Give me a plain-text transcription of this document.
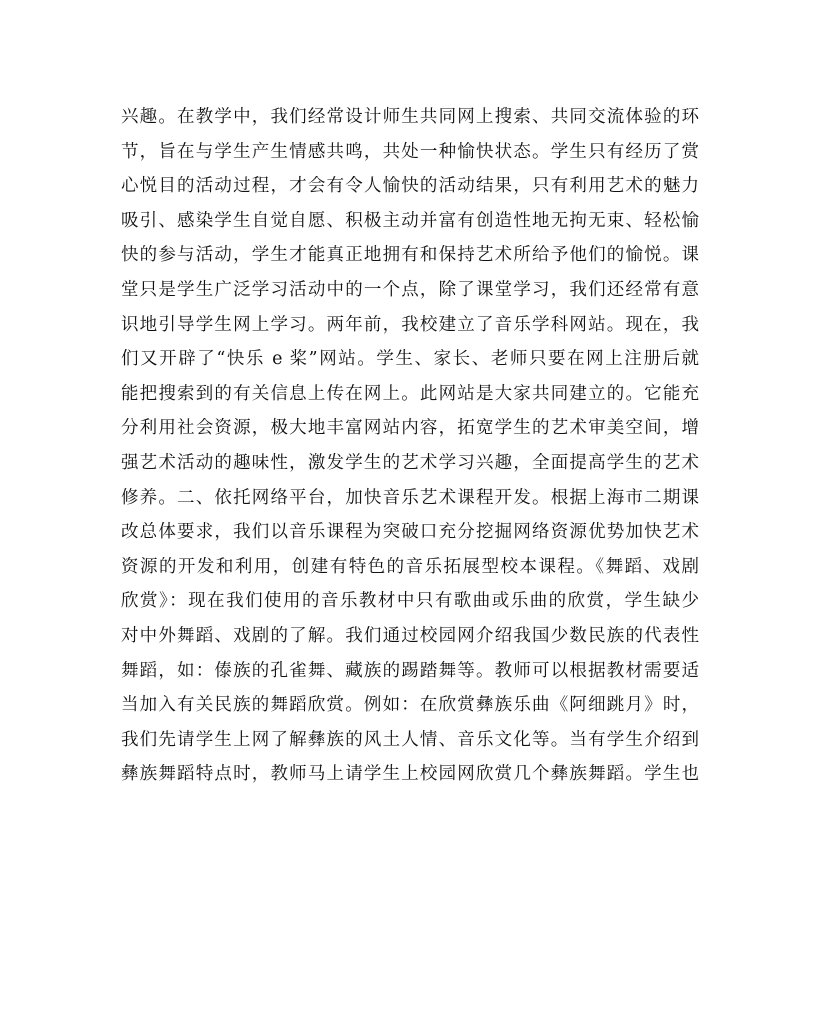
兴趣。在教学中，我们经常设计师生共同网上搜索、共同交流体验的环
节，旨在与学生产生情感共鸣，共处一种愉快状态。学生只有经历了赏
心悦目的活动过程，才会有令人愉快的活动结果，只有利用艺术的魅力
吸引、感染学生自觉自愿、积极主动并富有创造性地无拘无束、轻松愉
快的参与活动，学生才能真正地拥有和保持艺术所给予他们的愉悦。课
堂只是学生广泛学习活动中的一个点，除了课堂学习，我们还经常有意
识地引导学生网上学习。两年前，我校建立了音乐学科网站。现在，我
们又开辟了“快乐 e 桨”网站。学生、家长、老师只要在网上注册后就
能把搜索到的有关信息上传在网上。此网站是大家共同建立的。它能充
分利用社会资源，极大地丰富网站内容，拓宽学生的艺术审美空间，增
强艺术活动的趣味性，激发学生的艺术学习兴趣，全面提高学生的艺术
修养。二、依托网络平台，加快音乐艺术课程开发。根据上海市二期课
改总体要求，我们以音乐课程为突破口充分挖掘网络资源优势加快艺术
资源的开发和利用，创建有特色的音乐拓展型校本课程。《舞蹈、戏剧
欣赏》：现在我们使用的音乐教材中只有歌曲或乐曲的欣赏，学生缺少
对中外舞蹈、戏剧的了解。我们通过校园网介绍我国少数民族的代表性
舞蹈，如：傣族的孔雀舞、藏族的踢踏舞等。教师可以根据教材需要适
当加入有关民族的舞蹈欣赏。例如：在欣赏彝族乐曲《阿细跳月》时，
我们先请学生上网了解彝族的风土人情、音乐文化等。当有学生介绍到
彝族舞蹈特点时，教师马上请学生上校园网欣赏几个彝族舞蹈。学生也
